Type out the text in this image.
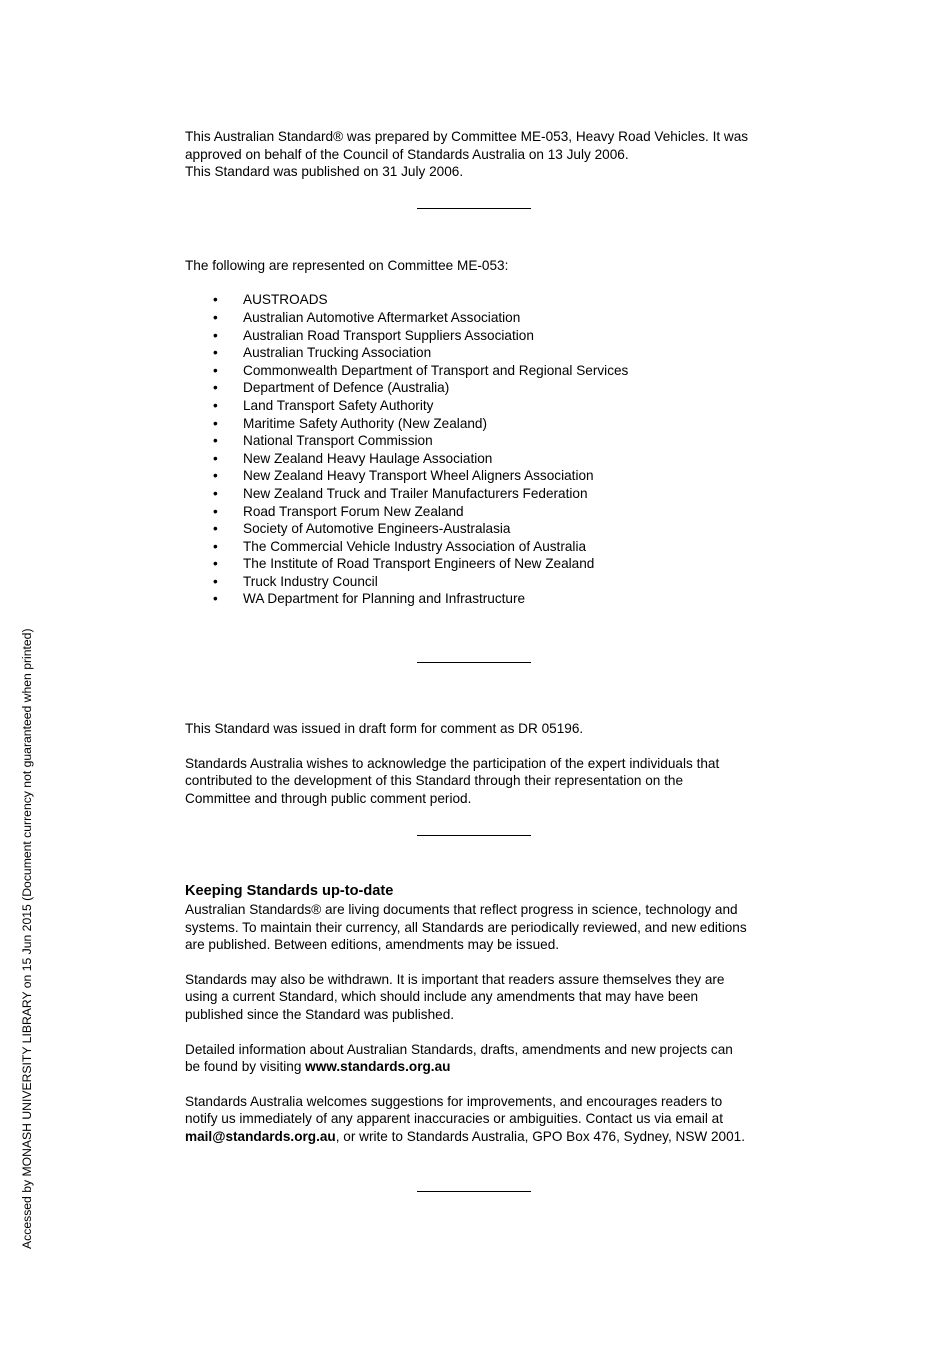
This Australian Standard® was prepared by Committee ME-053, Heavy Road Vehicles. It was

approved on behalf of the Council of Standards Australia on 13 July 2006.

This Standard was published on 31 July 2006.

The following are represented on Committee ME-053:

• AUSTROADS
• Australian Automotive Aftermarket Association
• Australian Road Transport Suppliers Association
• Australian Trucking Association
• Commonwealth Department of Transport and Regional Services
• Department of Defence (Australia)
• Land Transport Safety Authority
• Maritime Safety Authority (New Zealand)
• National Transport Commission
• New Zealand Heavy Haulage Association
• New Zealand Heavy Transport Wheel Aligners Association
• New Zealand Truck and Trailer Manufacturers Federation
• Road Transport Forum New Zealand
• Society of Automotive Engineers-Australasia
• The Commercial Vehicle Industry Association of Australia
• The Institute of Road Transport Engineers of New Zealand
• Truck Industry Council
• WA Department for Planning and Infrastructure

This Standard was issued in draft form for comment as DR 05196.

Standards Australia wishes to acknowledge the participation of the expert individuals that

contributed to the development of this Standard through their representation on the

Committee and through public comment period.

Keeping Standards up-to-date

Australian Standards® are living documents that reflect progress in science, technology and

systems. To maintain their currency, all Standards are periodically reviewed, and new editions

are published. Between editions, amendments may be issued.

Standards may also be withdrawn. It is important that readers assure themselves they are

using a current Standard, which should include any amendments that may have been

published since the Standard was published.

Detailed information about Australian Standards, drafts, amendments and new projects can

be found by visiting www.standards.org.au

Standards Australia welcomes suggestions for improvements, and encourages readers to

notify us immediately of any apparent inaccuracies or ambiguities. Contact us via email at

mail@standards.org.au, or write to Standards Australia, GPO Box 476, Sydney, NSW 2001.

Accessed by MONASH UNIVERSITY LIBRARY on 15 Jun 2015 (Document currency not guaranteed when printed)
